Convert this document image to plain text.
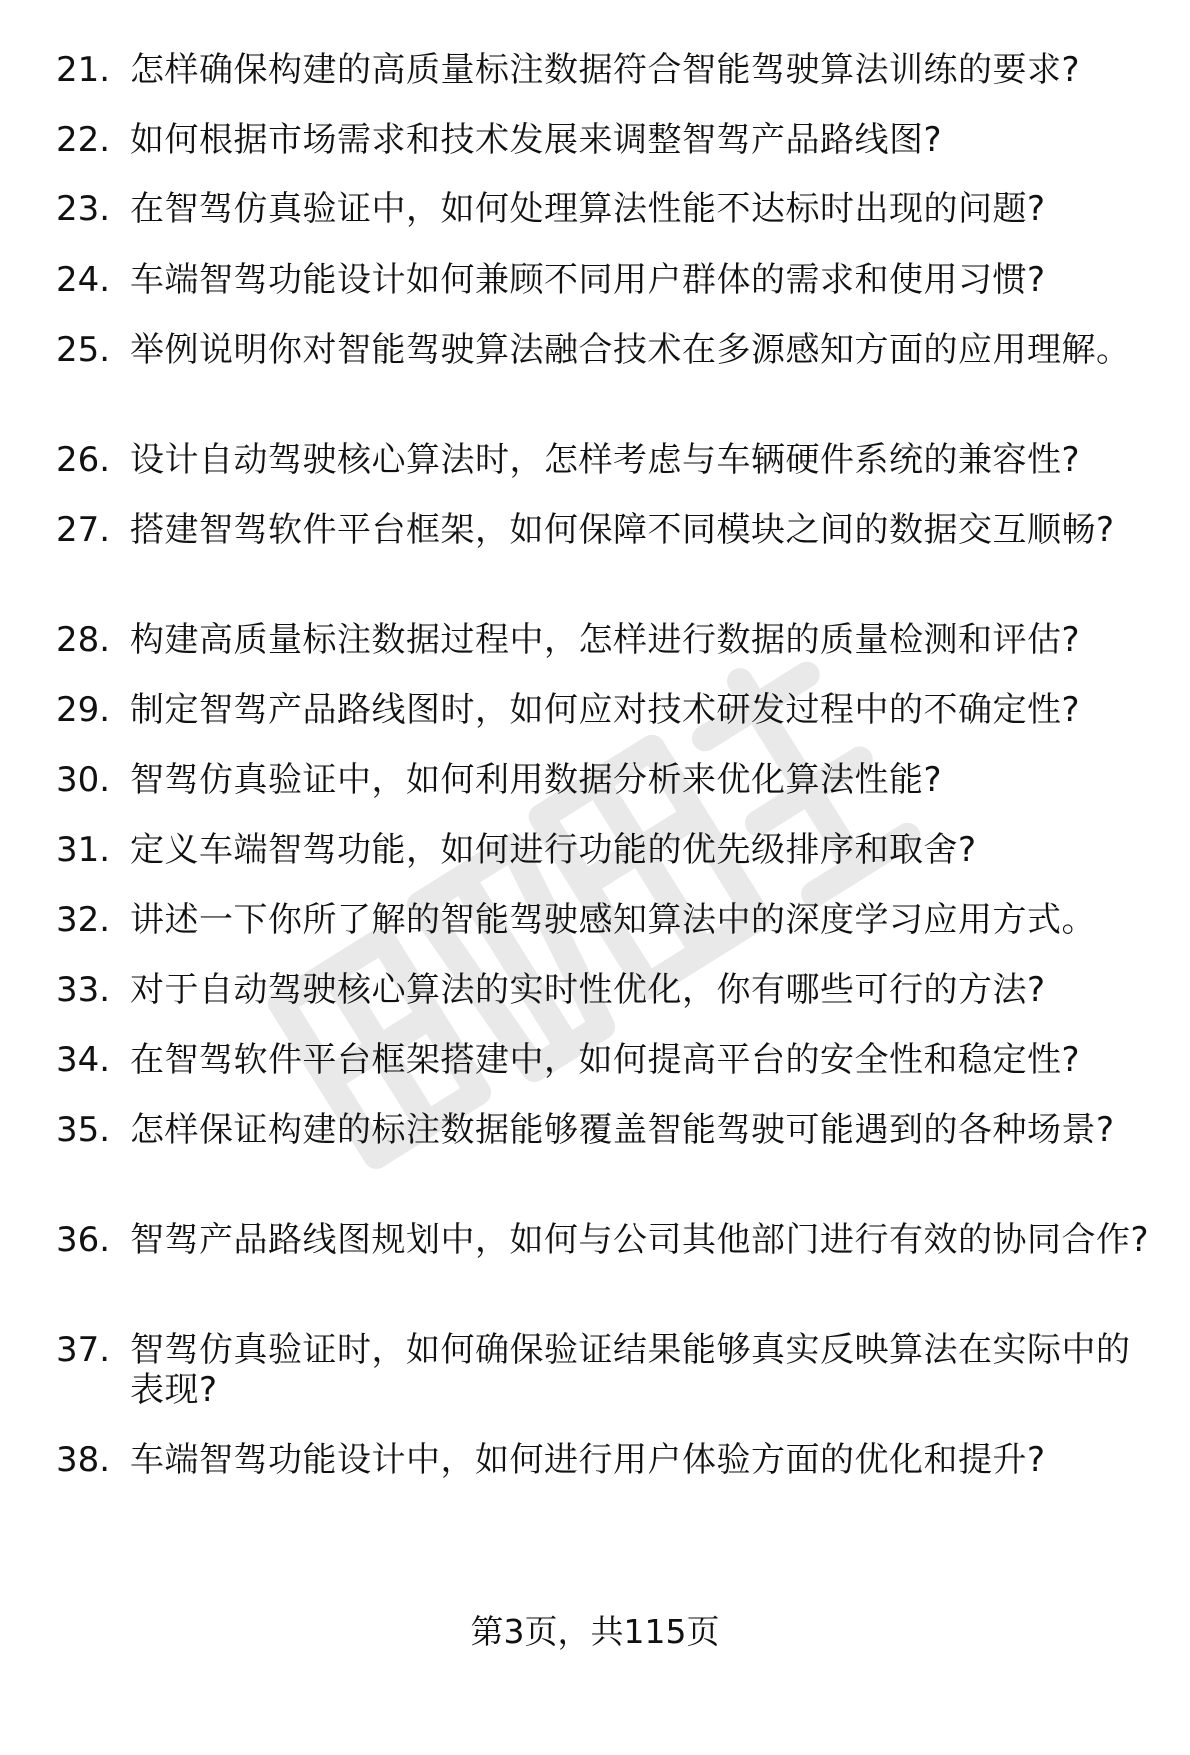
21. 怎样确保构建的高质量标注数据符合智能驾驶算法训练的要求?
22. 如何根据市场需求和技术发展来调整智驾产品路线图?
23. 在智驾仿真验证中，如何处理算法性能不达标时出现的问题?
24. 车端智驾功能设计如何兼顾不同用户群体的需求和使用习惯?
25. 举例说明你对智能驾驶算法融合技术在多源感知方面的应用理解。
26. 设计自动驾驶核心算法时，怎样考虑与车辆硬件系统的兼容性?
27. 搭建智驾软件平台框架，如何保障不同模块之间的数据交互顺畅?
28. 构建高质量标注数据过程中，怎样进行数据的质量检测和评估?
29. 制定智驾产品路线图时，如何应对技术研发过程中的不确定性?
30. 智驾仿真验证中，如何利用数据分析来优化算法性能?
31. 定义车端智驾功能，如何进行功能的优先级排序和取舍?
32. 讲述一下你所了解的智能驾驶感知算法中的深度学习应用方式。
33. 对于自动驾驶核心算法的实时性优化，你有哪些可行的方法?
34. 在智驾软件平台框架搭建中，如何提高平台的安全性和稳定性?
35. 怎样保证构建的标注数据能够覆盖智能驾驶可能遇到的各种场景?
36. 智驾产品路线图规划中，如何与公司其他部门进行有效的协同合作?
37. 智驾仿真验证时，如何确保验证结果能够真实反映算法在实际中的表现?
38. 车端智驾功能设计中，如何进行用户体验方面的优化和提升?
第3页，共115页
